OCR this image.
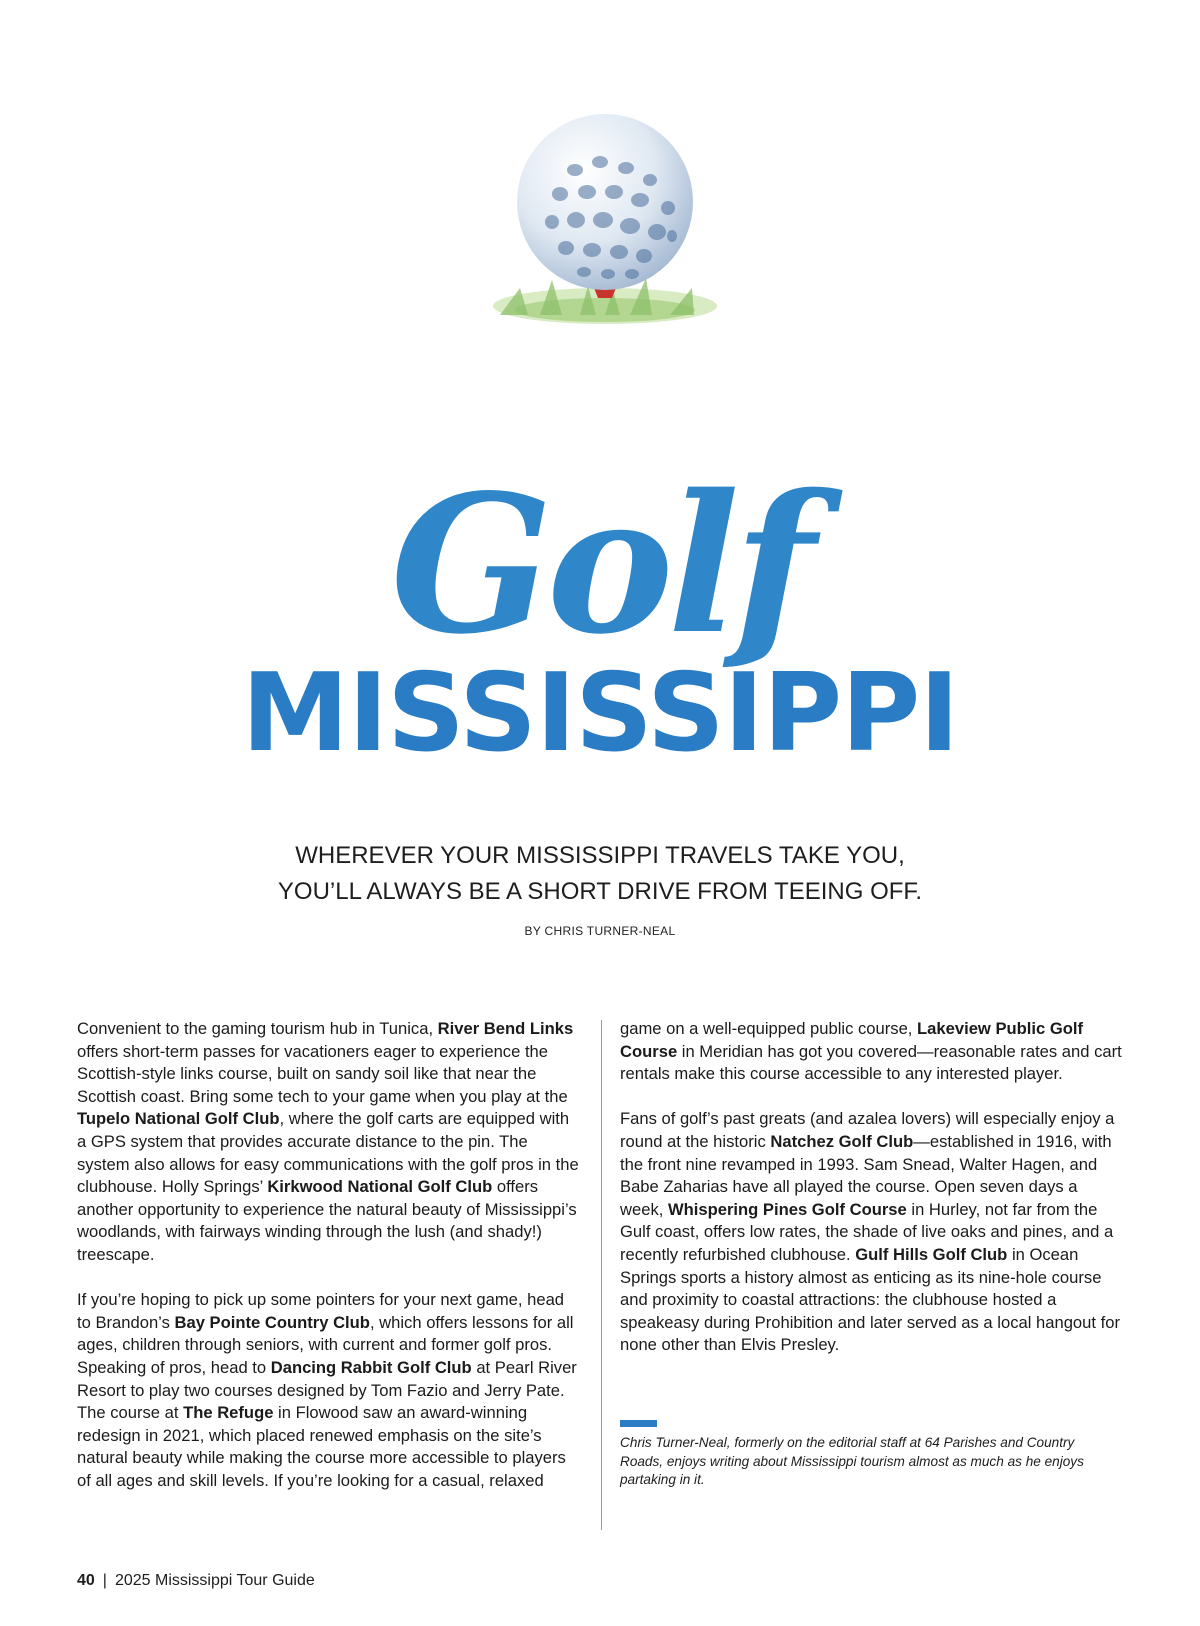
Golf
MISSISSIPPI
WHEREVER YOUR MISSISSIPPI TRAVELS TAKE YOU,
YOU’LL ALWAYS BE A SHORT DRIVE FROM TEEING OFF.
BY CHRIS TURNER-NEAL

Convenient to the gaming tourism hub in Tunica, River Bend Links offers short-term passes for vacationers eager to experience the Scottish-style links course, built on sandy soil like that near the Scottish coast. Bring some tech to your game when you play at the Tupelo National Golf Club, where the golf carts are equipped with a GPS system that provides accurate distance to the pin. The system also allows for easy communications with the golf pros in the clubhouse. Holly Springs’ Kirkwood National Golf Club offers another opportunity to experience the natural beauty of Mississippi’s woodlands, with fairways winding through the lush (and shady!) treescape.

If you’re hoping to pick up some pointers for your next game, head to Brandon’s Bay Pointe Country Club, which offers lessons for all ages, children through seniors, with current and former golf pros. Speaking of pros, head to Dancing Rabbit Golf Club at Pearl River Resort to play two courses designed by Tom Fazio and Jerry Pate. The course at The Refuge in Flowood saw an award-winning redesign in 2021, which placed renewed emphasis on the site’s natural beauty while making the course more accessible to players of all ages and skill levels. If you’re looking for a casual, relaxed

game on a well-equipped public course, Lakeview Public Golf Course in Meridian has got you covered—reasonable rates and cart rentals make this course accessible to any interested player.

Fans of golf’s past greats (and azalea lovers) will especially enjoy a round at the historic Natchez Golf Club—established in 1916, with the front nine revamped in 1993. Sam Snead, Walter Hagen, and Babe Zaharias have all played the course. Open seven days a week, Whispering Pines Golf Course in Hurley, not far from the Gulf coast, offers low rates, the shade of live oaks and pines, and a recently refurbished clubhouse. Gulf Hills Golf Club in Ocean Springs sports a history almost as enticing as its nine-hole course and proximity to coastal attractions: the clubhouse hosted a speakeasy during Prohibition and later served as a local hangout for none other than Elvis Presley.

Chris Turner-Neal, formerly on the editorial staff at 64 Parishes and Country Roads, enjoys writing about Mississippi tourism almost as much as he enjoys partaking in it.
40 | 2025 Mississippi Tour Guide
